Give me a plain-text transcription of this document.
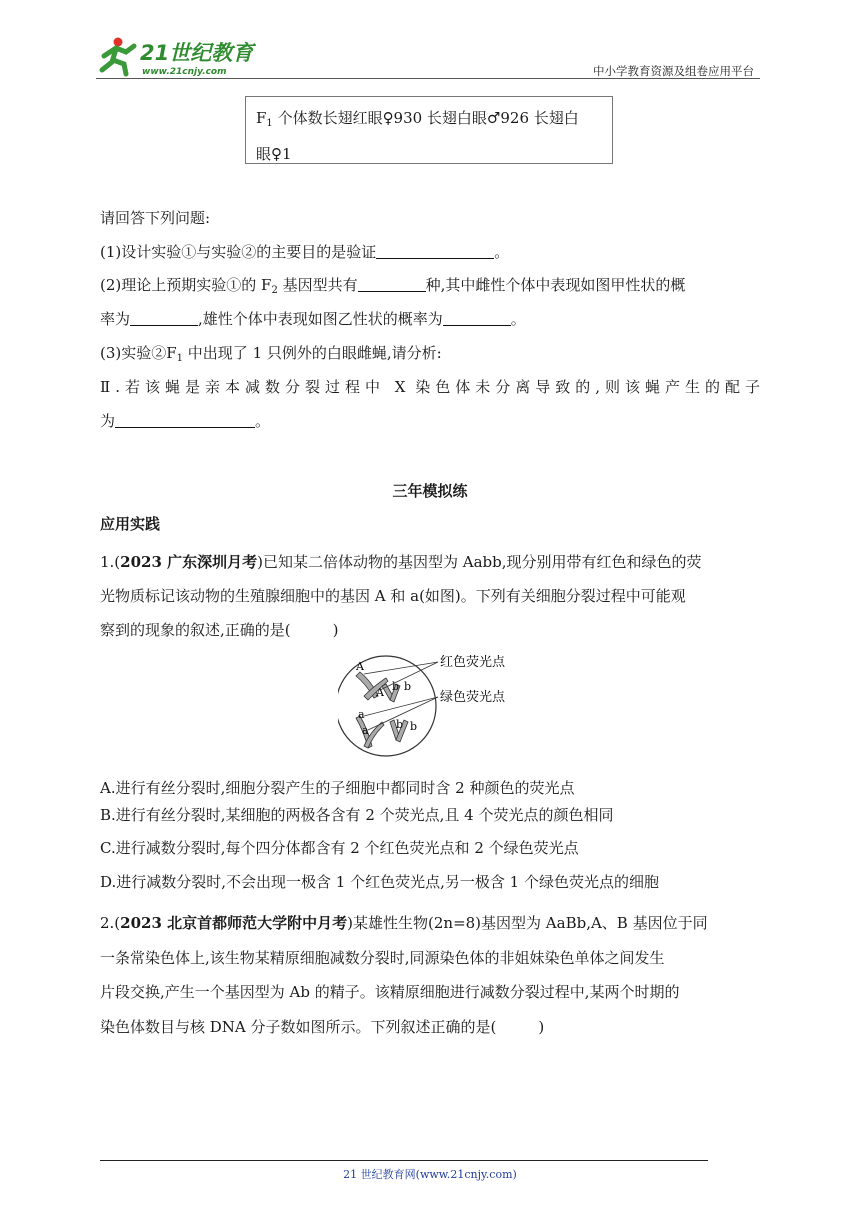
21世纪教育
www.21cnjy.com	中小学教育资源及组卷应用平台
$F_1$ 个体数长翅红眼♀930 长翅白眼♂926 长翅白
眼♀1
请回答下列问题:
(1)设计实验①与实验②的主要目的是验证	。
(2)理论上预期实验①的 $F_2$ 基因型共有	种,其中雌性个体中表现如图甲性状的概
率为	,雄性个体中表现如图乙性状的概率为	。
(3)实验$②F_1$ 中出现了 1 只例外的白眼雌蝇,请分析:
Ⅱ.若该蝇是亲本减数分裂过程中 X 染色体未分离导致的,则该蝇产生的配子
为	。
三年模拟练
应用实践
1.(2023 广东深圳月考)已知某二倍体动物的基因型为 Aabb,现分别用带有红色和绿色的荧
光物质标记该动物的生殖腺细胞中的基因 A 和 a(如图)。下列有关细胞分裂过程中可能观
察到的现象的叙述,正确的是(	)
A
A b b
a
a b b
红色荧光点
绿色荧光点
A.进行有丝分裂时,细胞分裂产生的子细胞中都同时含 2 种颜色的荧光点
B.进行有丝分裂时,某细胞的两极各含有 2 个荧光点,且 4 个荧光点的颜色相同
C.进行减数分裂时,每个四分体都含有 2 个红色荧光点和 2 个绿色荧光点
D.进行减数分裂时,不会出现一极含 1 个红色荧光点,另一极含 1 个绿色荧光点的细胞
2.(2023 北京首都师范大学附中月考)某雄性生物(2n=8)基因型为 AaBb,A、B 基因位于同
一条常染色体上,该生物某精原细胞减数分裂时,同源染色体的非姐妹染色单体之间发生
片段交换,产生一个基因型为 Ab 的精子。该精原细胞进行减数分裂过程中,某两个时期的
染色体数目与核 DNA 分子数如图所示。下列叙述正确的是(	)
21 世纪教育网(www.21cnjy.com)
